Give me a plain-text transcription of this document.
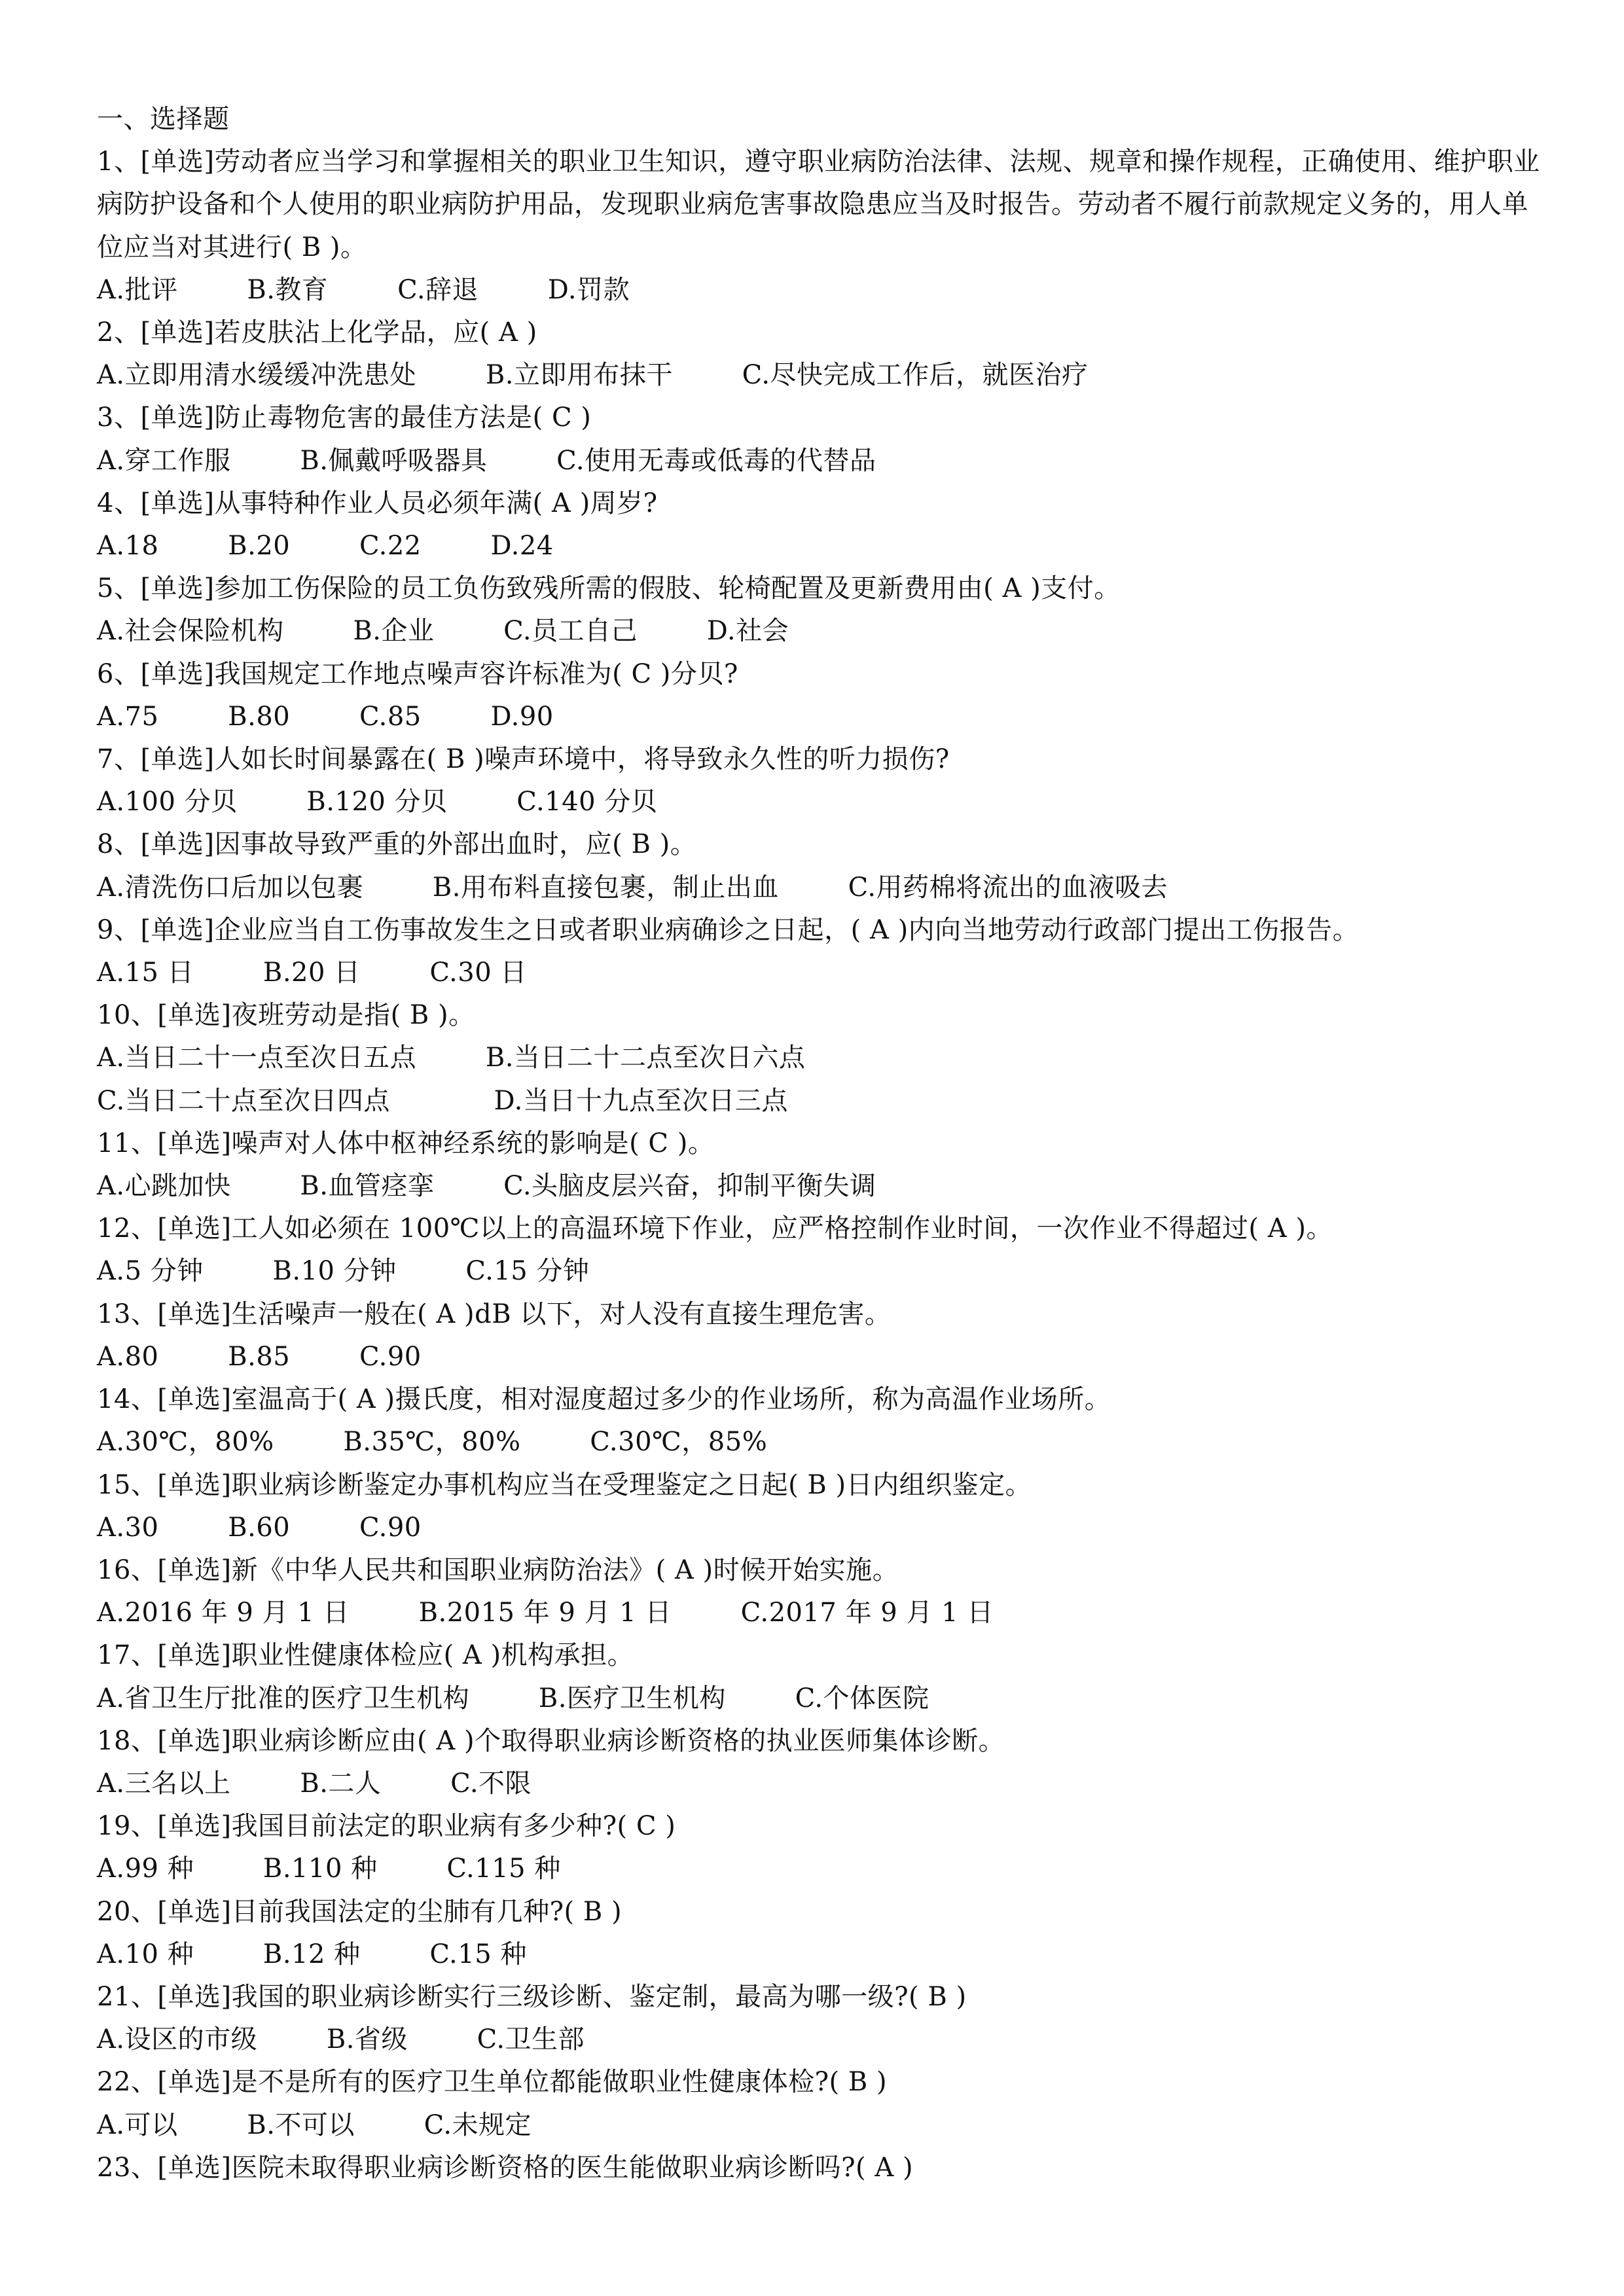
一、选择题
1、[单选]劳动者应当学习和掌握相关的职业卫生知识，遵守职业病防治法律、法规、规章和操作规程，正确使用、维护职业病防护设备和个人使用的职业病防护用品，发现职业病危害事故隐患应当及时报告。劳动者不履行前款规定义务的，用人单位应当对其进行( B )。
A.批评        B.教育        C.辞退        D.罚款
2、[单选]若皮肤沾上化学品，应( A )
A.立即用清水缓缓冲洗患处        B.立即用布抹干        C.尽快完成工作后，就医治疗
3、[单选]防止毒物危害的最佳方法是( C )
A.穿工作服        B.佩戴呼吸器具        C.使用无毒或低毒的代替品
4、[单选]从事特种作业人员必须年满( A )周岁?
A.18        B.20        C.22        D.24
5、[单选]参加工伤保险的员工负伤致残所需的假肢、轮椅配置及更新费用由( A )支付。
A.社会保险机构        B.企业        C.员工自己        D.社会
6、[单选]我国规定工作地点噪声容许标准为( C )分贝?
A.75        B.80        C.85        D.90
7、[单选]人如长时间暴露在( B )噪声环境中，将导致永久性的听力损伤?
A.100 分贝        B.120 分贝        C.140 分贝
8、[单选]因事故导致严重的外部出血时，应( B )。
A.清洗伤口后加以包裹        B.用布料直接包裹，制止出血        C.用药棉将流出的血液吸去
9、[单选]企业应当自工伤事故发生之日或者职业病确诊之日起，( A )内向当地劳动行政部门提出工伤报告。
A.15 日        B.20 日        C.30 日
10、[单选]夜班劳动是指( B )。
A.当日二十一点至次日五点        B.当日二十二点至次日六点
C.当日二十点至次日四点            D.当日十九点至次日三点
11、[单选]噪声对人体中枢神经系统的影响是( C )。
A.心跳加快        B.血管痉挛        C.头脑皮层兴奋，抑制平衡失调
12、[单选]工人如必须在 100℃以上的高温环境下作业，应严格控制作业时间，一次作业不得超过( A )。
A.5 分钟        B.10 分钟        C.15 分钟
13、[单选]生活噪声一般在( A )dB 以下，对人没有直接生理危害。
A.80        B.85        C.90
14、[单选]室温高于( A )摄氏度，相对湿度超过多少的作业场所，称为高温作业场所。
A.30℃，80%        B.35℃，80%        C.30℃，85%
15、[单选]职业病诊断鉴定办事机构应当在受理鉴定之日起( B )日内组织鉴定。
A.30        B.60        C.90
16、[单选]新《中华人民共和国职业病防治法》( A )时候开始实施。
A.2016 年 9 月 1 日        B.2015 年 9 月 1 日        C.2017 年 9 月 1 日
17、[单选]职业性健康体检应( A )机构承担。
A.省卫生厅批准的医疗卫生机构        B.医疗卫生机构        C.个体医院
18、[单选]职业病诊断应由( A )个取得职业病诊断资格的执业医师集体诊断。
A.三名以上        B.二人        C.不限
19、[单选]我国目前法定的职业病有多少种?( C )
A.99 种        B.110 种        C.115 种
20、[单选]目前我国法定的尘肺有几种?( B )
A.10 种        B.12 种        C.15 种
21、[单选]我国的职业病诊断实行三级诊断、鉴定制，最高为哪一级?( B )
A.设区的市级        B.省级        C.卫生部
22、[单选]是不是所有的医疗卫生单位都能做职业性健康体检?( B )
A.可以        B.不可以        C.未规定
23、[单选]医院未取得职业病诊断资格的医生能做职业病诊断吗?( A )
